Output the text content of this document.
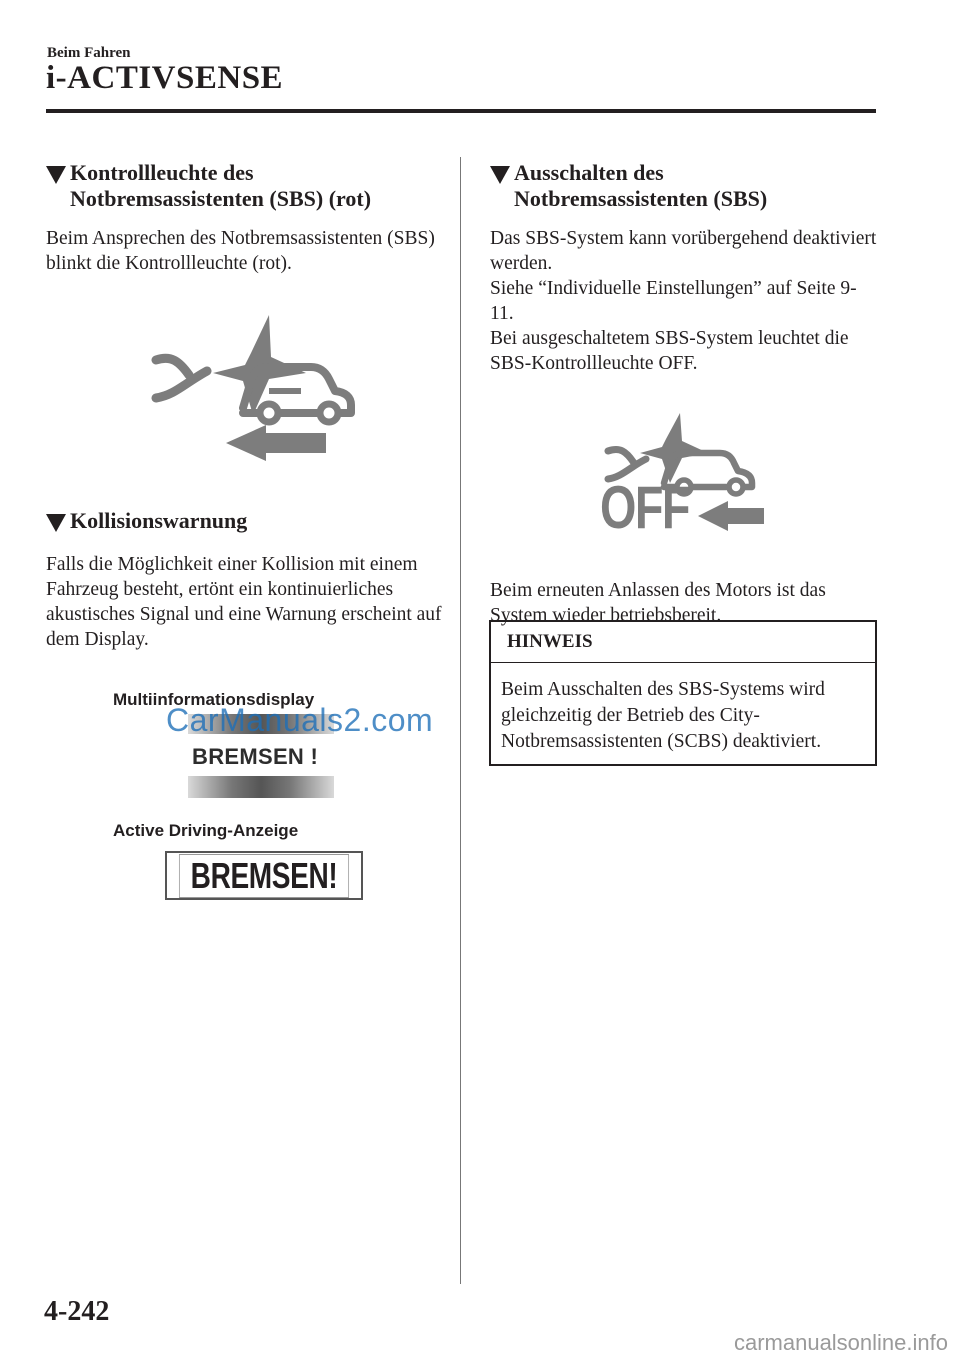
Beim Fahren
i-ACTIVSENSE
Kontrollleuchte des
Notbremsassistenten (SBS) (rot)

Beim Ansprechen des Notbremsassistenten (SBS) blinkt die Kontrollleuchte (rot).

Kollisionswarnung

Falls die Möglichkeit einer Kollision mit einem Fahrzeug besteht, ertönt ein kontinuierliches akustisches Signal und eine Warnung erscheint auf dem Display.

Multiinformationsdisplay
CarManuals2.com
BREMSEN !
Active Driving-Anzeige
BREMSEN!
Ausschalten des
Notbremsassistenten (SBS)

Das SBS-System kann vorübergehend deaktiviert werden.

Siehe “Individuelle Einstellungen” auf Seite 9-11.

Bei ausgeschaltetem SBS-System leuchtet die SBS-Kontrollleuchte OFF.

OFF

Beim erneuten Anlassen des Motors ist das System wieder betriebsbereit.

HINWEIS
Beim Ausschalten des SBS-Systems wird gleichzeitig der Betrieb des City-Notbremsassistenten (SCBS) deaktiviert.
4-242
carmanualsonline.info
